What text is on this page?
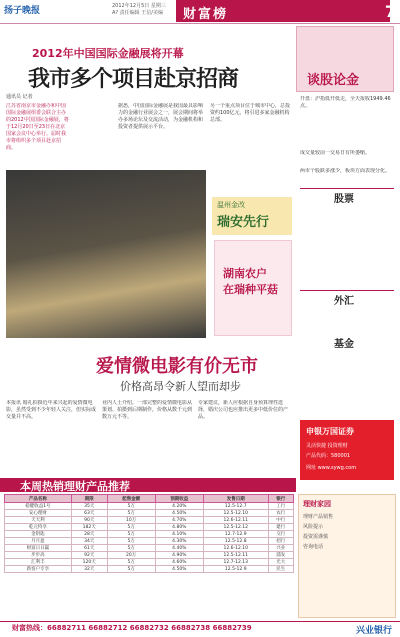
扬子晚报	2012年12月5日 星期三
A? 责任编辑 王信/美编 财富榜	7
2012年中国国际金融展将开幕
我市多个项目赴京招商	谈股论金
通讯员 记者
江苏省南京市金融办和中国国际金融展组委会联合主办的2012中国国际金融展，将于12月20日至23日在北京国家会议中心举行。届时我市将组织多个项目赴京招商。
据悉，中国国际金融展是我国最具影响力的金融行业展会之一，展会期间将举办多场论坛及交流活动，为金融机构和投资者提供展示平台。
另一个重点项目位于城市中心，总投资约100亿元，将引进多家金融机构总部。
温州金改
瑞安先行
湖南农户
在瑞种平菇
爱情微电影有价无市
价格高昂令新人望而却步
本报讯 婚礼拍摄近年来兴起的爱情微电影，虽然受到不少年轻人关注，但实际成交量并不高。
业内人士介绍，一部完整的爱情微电影从策划、拍摄到后期制作，价格从数千元到数万元不等。
专家建议，新人应根据自身预算理性选择，婚庆公司也应推出更多中低价位的产品。
开盘：沪指低开低走，全天报收1949.46点。
成交量较前一交易日有所萎缩。
两市个股跌多涨少，板块方面表现分化。
股票
外汇
基金
申银万国证券
灵活快捷 投资理财
产品代码：580001
网址 www.sywg.com
本周热销理财产品推荐
产品名称	期限	起售金额	预期收益	发售日期	银行
稳健收益1号	35天	5万	4.20%	12.5-12.7	工行
安心理财	63天	5万	4.50%	12.5-12.10	农行
天天利	90天	10万	4.70%	12.6-12.11	中行
乾元特享	182天	5万	4.80%	12.5-12.12	建行
金钥匙	28天	5万	4.10%	12.7-12.9	交行
月月盈	34天	5万	4.30%	12.5-12.8	招行
财富日日赢	61天	5万	4.40%	12.6-12.10	兴业
步步高	92天	20万	4.90%	12.5-12.11	浦发
汇利丰	120天	5万	4.60%	12.7-12.13	光大
新客户专享	32天	5万	4.50%	12.5-12.9	民生
理财家园
理财产品销售
风险提示
投资需谨慎
咨询电话
财富热线：66882711 66882712 66882732 66882738 66882739	兴业银行
